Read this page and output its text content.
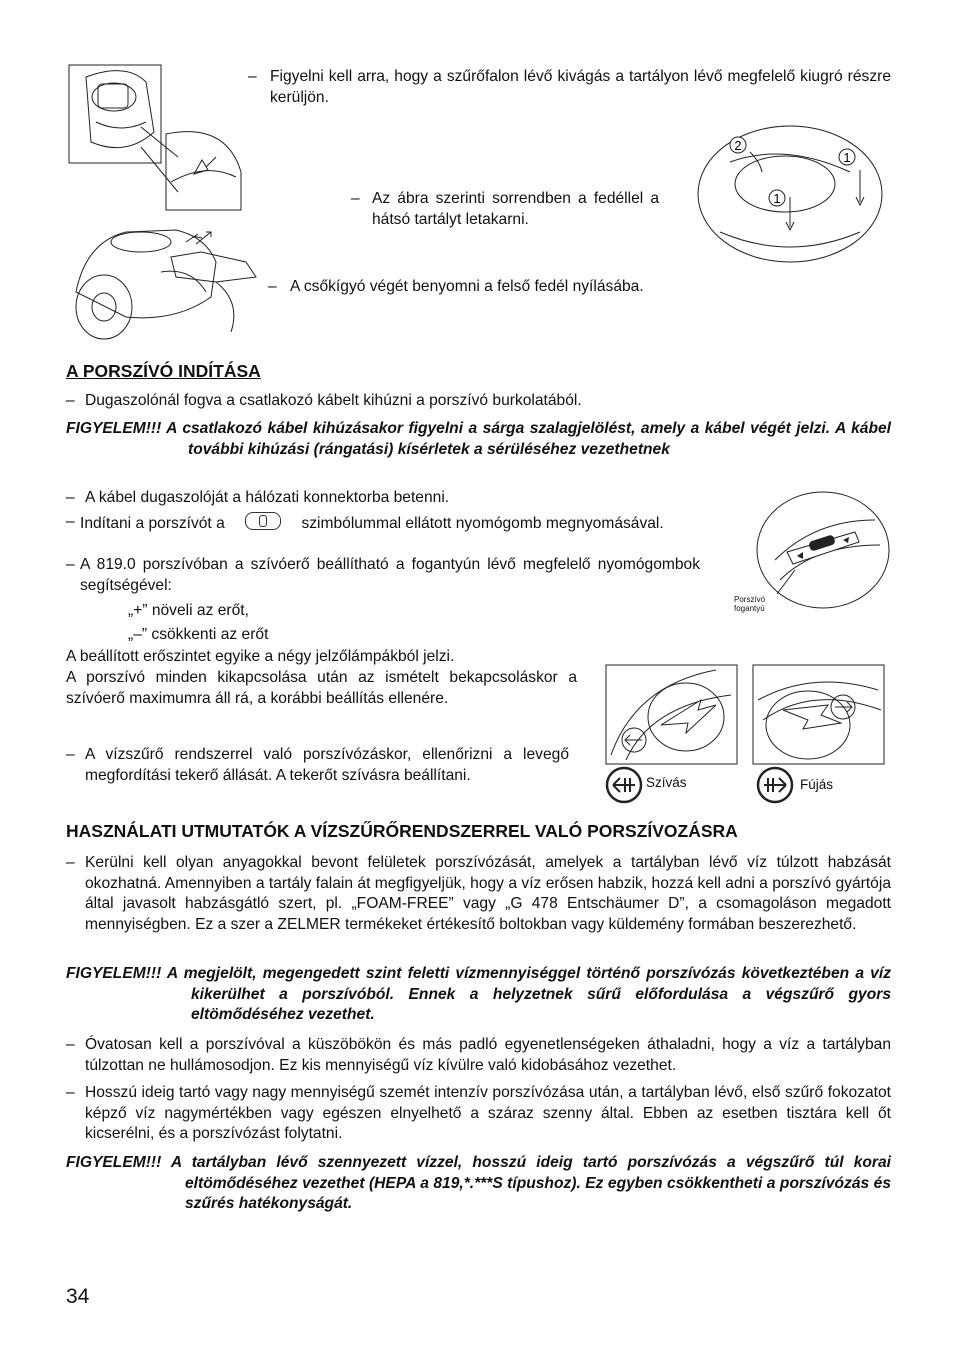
– Figyelni kell arra, hogy a szűrőfalon lévő kivágás a tartályon lévő megfelelő kiugró részre kerüljön.
2
1
1
– Az ábra szerinti sorrendben a fedéllel a hátsó tartályt letakarni.
– A csőkígyó végét benyomni a felső fedél nyílásába.
A PORSZÍVÓ INDÍTÁSA
– Dugaszolónál fogva a csatlakozó kábelt kihúzni a porszívó burkolatából.
FIGYELEM!!! A csatlakozó kábel kihúzásakor figyelni a sárga szalagjelölést, amely a kábel végét jelzi. A kábel további kihúzási (rángatási) kísérletek a sérüléséhez vezethetnek
– A kábel dugaszolóját a hálózati konnektorba betenni.
– Indítani a porszívót a	szimbólummal ellátott nyomógomb megnyomásával.
– A 819.0 porszívóban a szívóerő beállítható a fogantyún lévő megfelelő nyomógombok segítségével:
„+” növeli az erőt,
„–” csökkenti az erőt
Porszívó fogantyú
A beállított erőszintet egyike a négy jelzőlámpákból jelzi.
A porszívó minden kikapcsolása után az ismételt bekapcsoláskor a szívóerő maximumra áll rá, a korábbi beállítás ellenére.
– A vízszűrő rendszerrel való porszívózáskor, ellenőrizni a levegő megfordítási tekerő állását. A tekerőt szívásra beállítani.	Szívás	Fújás
HASZNÁLATI UTMUTATÓK A VÍZSZŰRŐRENDSZERREL VALÓ PORSZÍVOZÁSRA
– Kerülni kell olyan anyagokkal bevont felületek porszívózását, amelyek a tartályban lévő víz túlzott habzását okozhatná. Amennyiben a tartály falain át megfigyeljük, hogy a víz erősen habzik, hozzá kell adni a porszívó gyártója által javasolt habzásgátló szert, pl. „FOAM-FREE” vagy „G 478 Entschäumer D”, a csomagoláson megadott mennyiségben. Ez a szer a ZELMER termékeket értékesítő boltokban vagy küldemény formában beszerezhető.
FIGYELEM!!! A megjelölt, megengedett szint feletti vízmennyiséggel történő porszívózás következtében a víz kikerülhet a porszívóból. Ennek a helyzetnek sűrű előfordulása a végszűrő gyors eltömődéséhez vezethet.
– Óvatosan kell a porszívóval a küszöbökön és más padló egyenetlenségeken áthaladni, hogy a víz a tartályban túlzottan ne hullámosodjon. Ez kis mennyiségű víz kívülre való kidobásához vezethet.
– Hosszú ideig tartó vagy nagy mennyiségű szemét intenzív porszívózása után, a tartályban lévő, első szűrő fokozatot képző víz nagymértékben vagy egészen elnyelhető a száraz szenny által. Ebben az esetben tisztára kell őt kicserélni, és a porszívózást folytatni.
FIGYELEM!!! A tartályban lévő szennyezett vízzel, hosszú ideig tartó porszívózás a végszűrő túl korai eltömődéséhez vezethet (HEPA a 819,*.***S típushoz). Ez egyben csökkentheti a porszívózás és szűrés hatékonyságát.
34
